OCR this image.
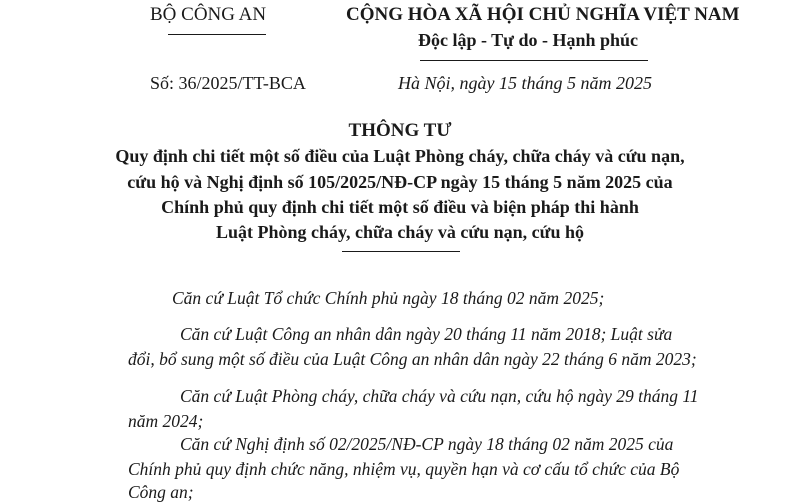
BỘ CÔNG AN	CỘNG HÒA XÃ HỘI CHỦ NGHĨA VIỆT NAM
Độc lập - Tự do - Hạnh phúc
Số: 36/2025/TT-BCA	Hà Nội, ngày 15 tháng 5 năm 2025
THÔNG TƯ
Quy định chi tiết một số điều của Luật Phòng cháy, chữa cháy và cứu nạn,
cứu hộ và Nghị định số 105/2025/NĐ-CP ngày 15 tháng 5 năm 2025 của
Chính phủ quy định chi tiết một số điều và biện pháp thi hành
Luật Phòng cháy, chữa cháy và cứu nạn, cứu hộ
Căn cứ Luật Tổ chức Chính phủ ngày 18 tháng 02 năm 2025;
Căn cứ Luật Công an nhân dân ngày 20 tháng 11 năm 2018; Luật sửa
đổi, bổ sung một số điều của Luật Công an nhân dân ngày 22 tháng 6 năm 2023;
Căn cứ Luật Phòng cháy, chữa cháy và cứu nạn, cứu hộ ngày 29 tháng 11
năm 2024;
Căn cứ Nghị định số 02/2025/NĐ-CP ngày 18 tháng 02 năm 2025 của
Chính phủ quy định chức năng, nhiệm vụ, quyền hạn và cơ cấu tổ chức của Bộ
Công an;
